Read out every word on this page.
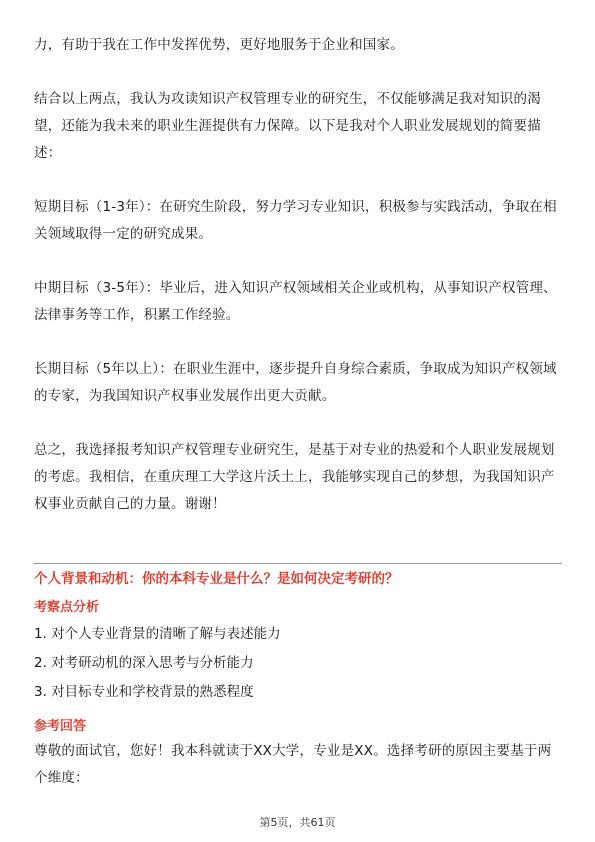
力，有助于我在工作中发挥优势，更好地服务于企业和国家。

结合以上两点，我认为攻读知识产权管理专业的研究生，不仅能够满足我对知识的渴望，还能为我未来的职业生涯提供有力保障。以下是我对个人职业发展规划的简要描述：

短期目标（1-3年）：在研究生阶段，努力学习专业知识，积极参与实践活动，争取在相关领域取得一定的研究成果。

中期目标（3-5年）：毕业后，进入知识产权领域相关企业或机构，从事知识产权管理、法律事务等工作，积累工作经验。

长期目标（5年以上）：在职业生涯中，逐步提升自身综合素质，争取成为知识产权领域的专家，为我国知识产权事业发展作出更大贡献。

总之，我选择报考知识产权管理专业研究生，是基于对专业的热爱和个人职业发展规划的考虑。我相信，在重庆理工大学这片沃土上，我能够实现自己的梦想，为我国知识产权事业贡献自己的力量。谢谢！

个人背景和动机：你的本科专业是什么？是如何决定考研的？

考察点分析

1. 对个人专业背景的清晰了解与表述能力
2. 对考研动机的深入思考与分析能力
3. 对目标专业和学校背景的熟悉程度

参考回答

尊敬的面试官，您好！我本科就读于XX大学，专业是XX。选择考研的原因主要基于两个维度：

第5页，共61页
